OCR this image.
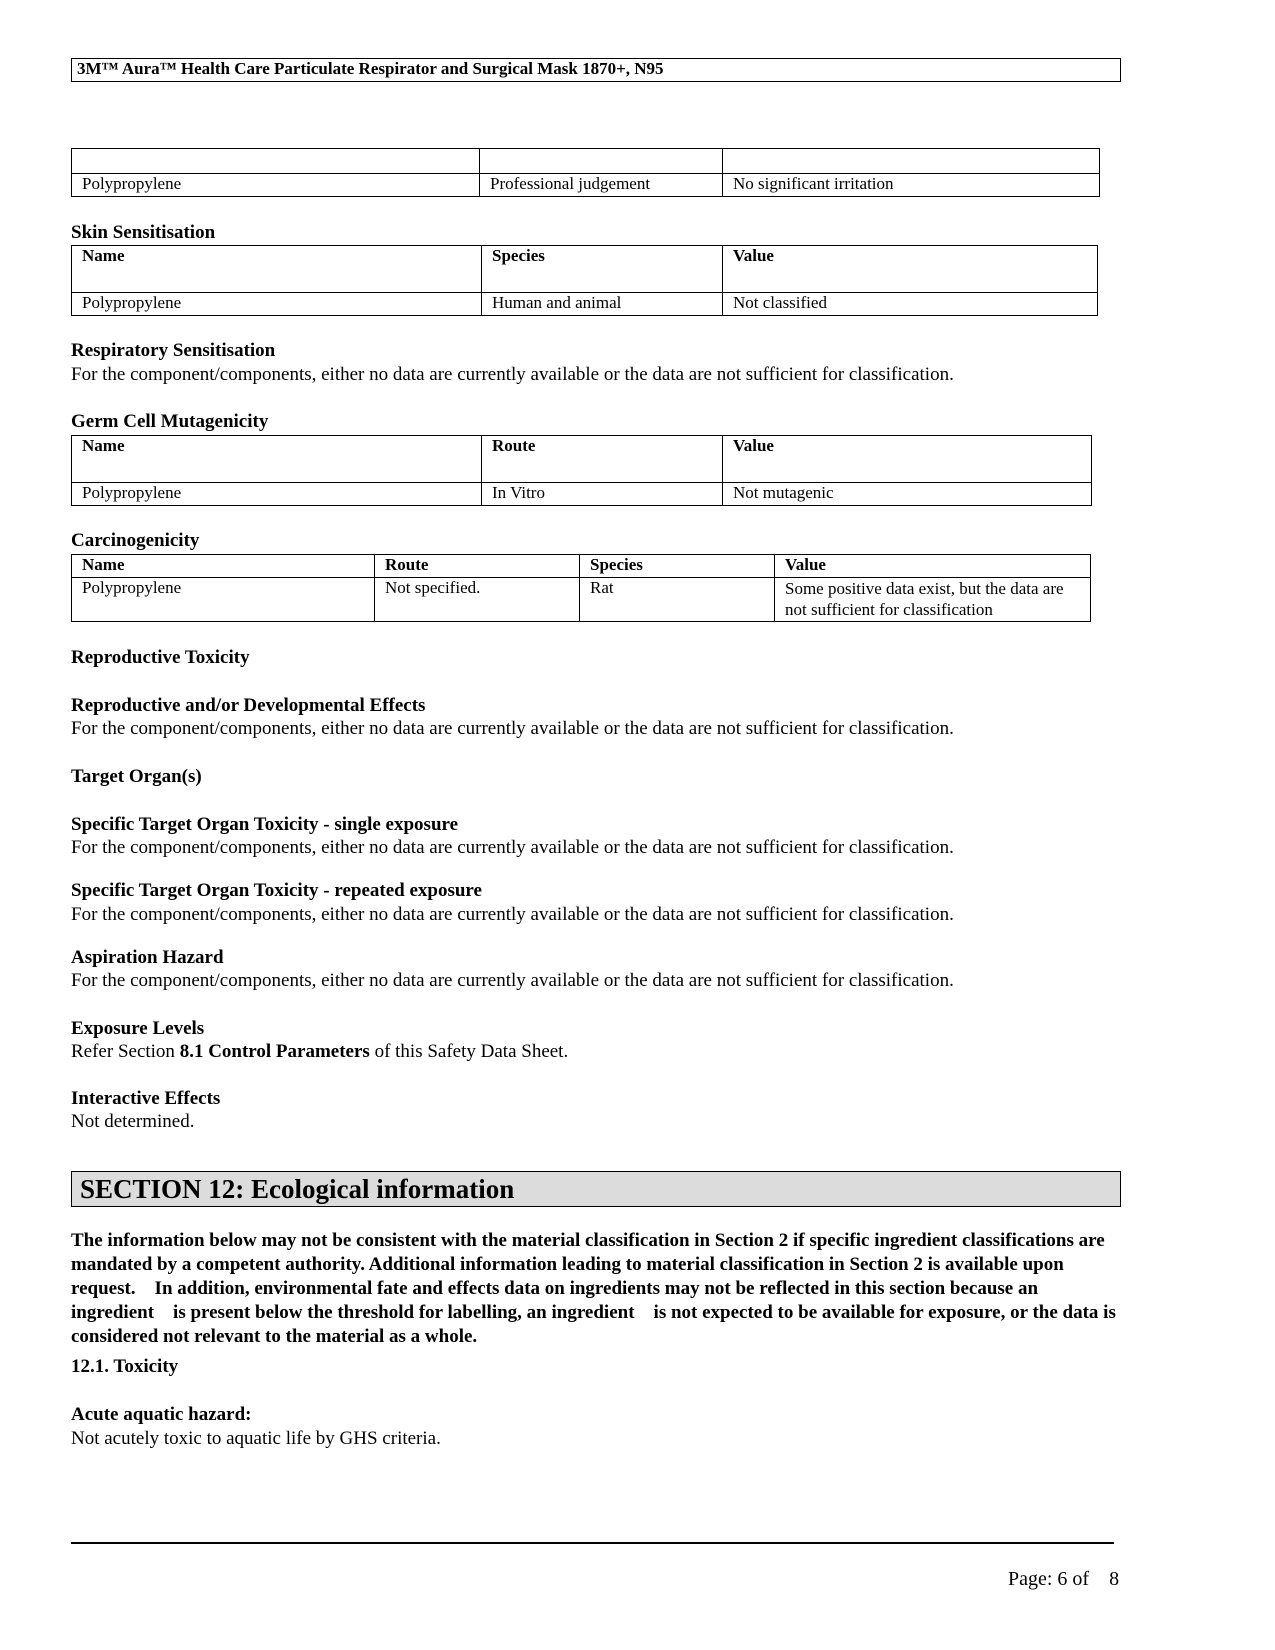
3M™ Aura™ Health Care Particulate Respirator and Surgical Mask 1870+, N95

Polypropylene	Professional judgement	No significant irritation
Skin Sensitisation
Name	Species	Value
Polypropylene	Human and animal	Not classified
Respiratory Sensitisation
For the component/components, either no data are currently available or the data are not sufficient for classification.
Germ Cell Mutagenicity
Name	Route	Value
Polypropylene	In Vitro	Not mutagenic
Carcinogenicity
Name	Route	Species	Value
Polypropylene	Not specified.	Rat	Some positive data exist, but the data are not sufficient for classification
Reproductive Toxicity
Reproductive and/or Developmental Effects
For the component/components, either no data are currently available or the data are not sufficient for classification.
Target Organ(s)
Specific Target Organ Toxicity - single exposure
For the component/components, either no data are currently available or the data are not sufficient for classification.
Specific Target Organ Toxicity - repeated exposure
For the component/components, either no data are currently available or the data are not sufficient for classification.
Aspiration Hazard
For the component/components, either no data are currently available or the data are not sufficient for classification.
Exposure Levels
Refer Section 8.1 Control Parameters of this Safety Data Sheet.
Interactive Effects
Not determined.
SECTION 12: Ecological information
The information below may not be consistent with the material classification in Section 2 if specific ingredient classifications are mandated by a competent authority. Additional information leading to material classification in Section 2 is available upon request.    In addition, environmental fate and effects data on ingredients may not be reflected in this section because an ingredient    is present below the threshold for labelling, an ingredient    is not expected to be available for exposure, or the data is considered not relevant to the material as a whole.
12.1. Toxicity
Acute aquatic hazard:
Not acutely toxic to aquatic life by GHS criteria.
Page: 6 of    8
